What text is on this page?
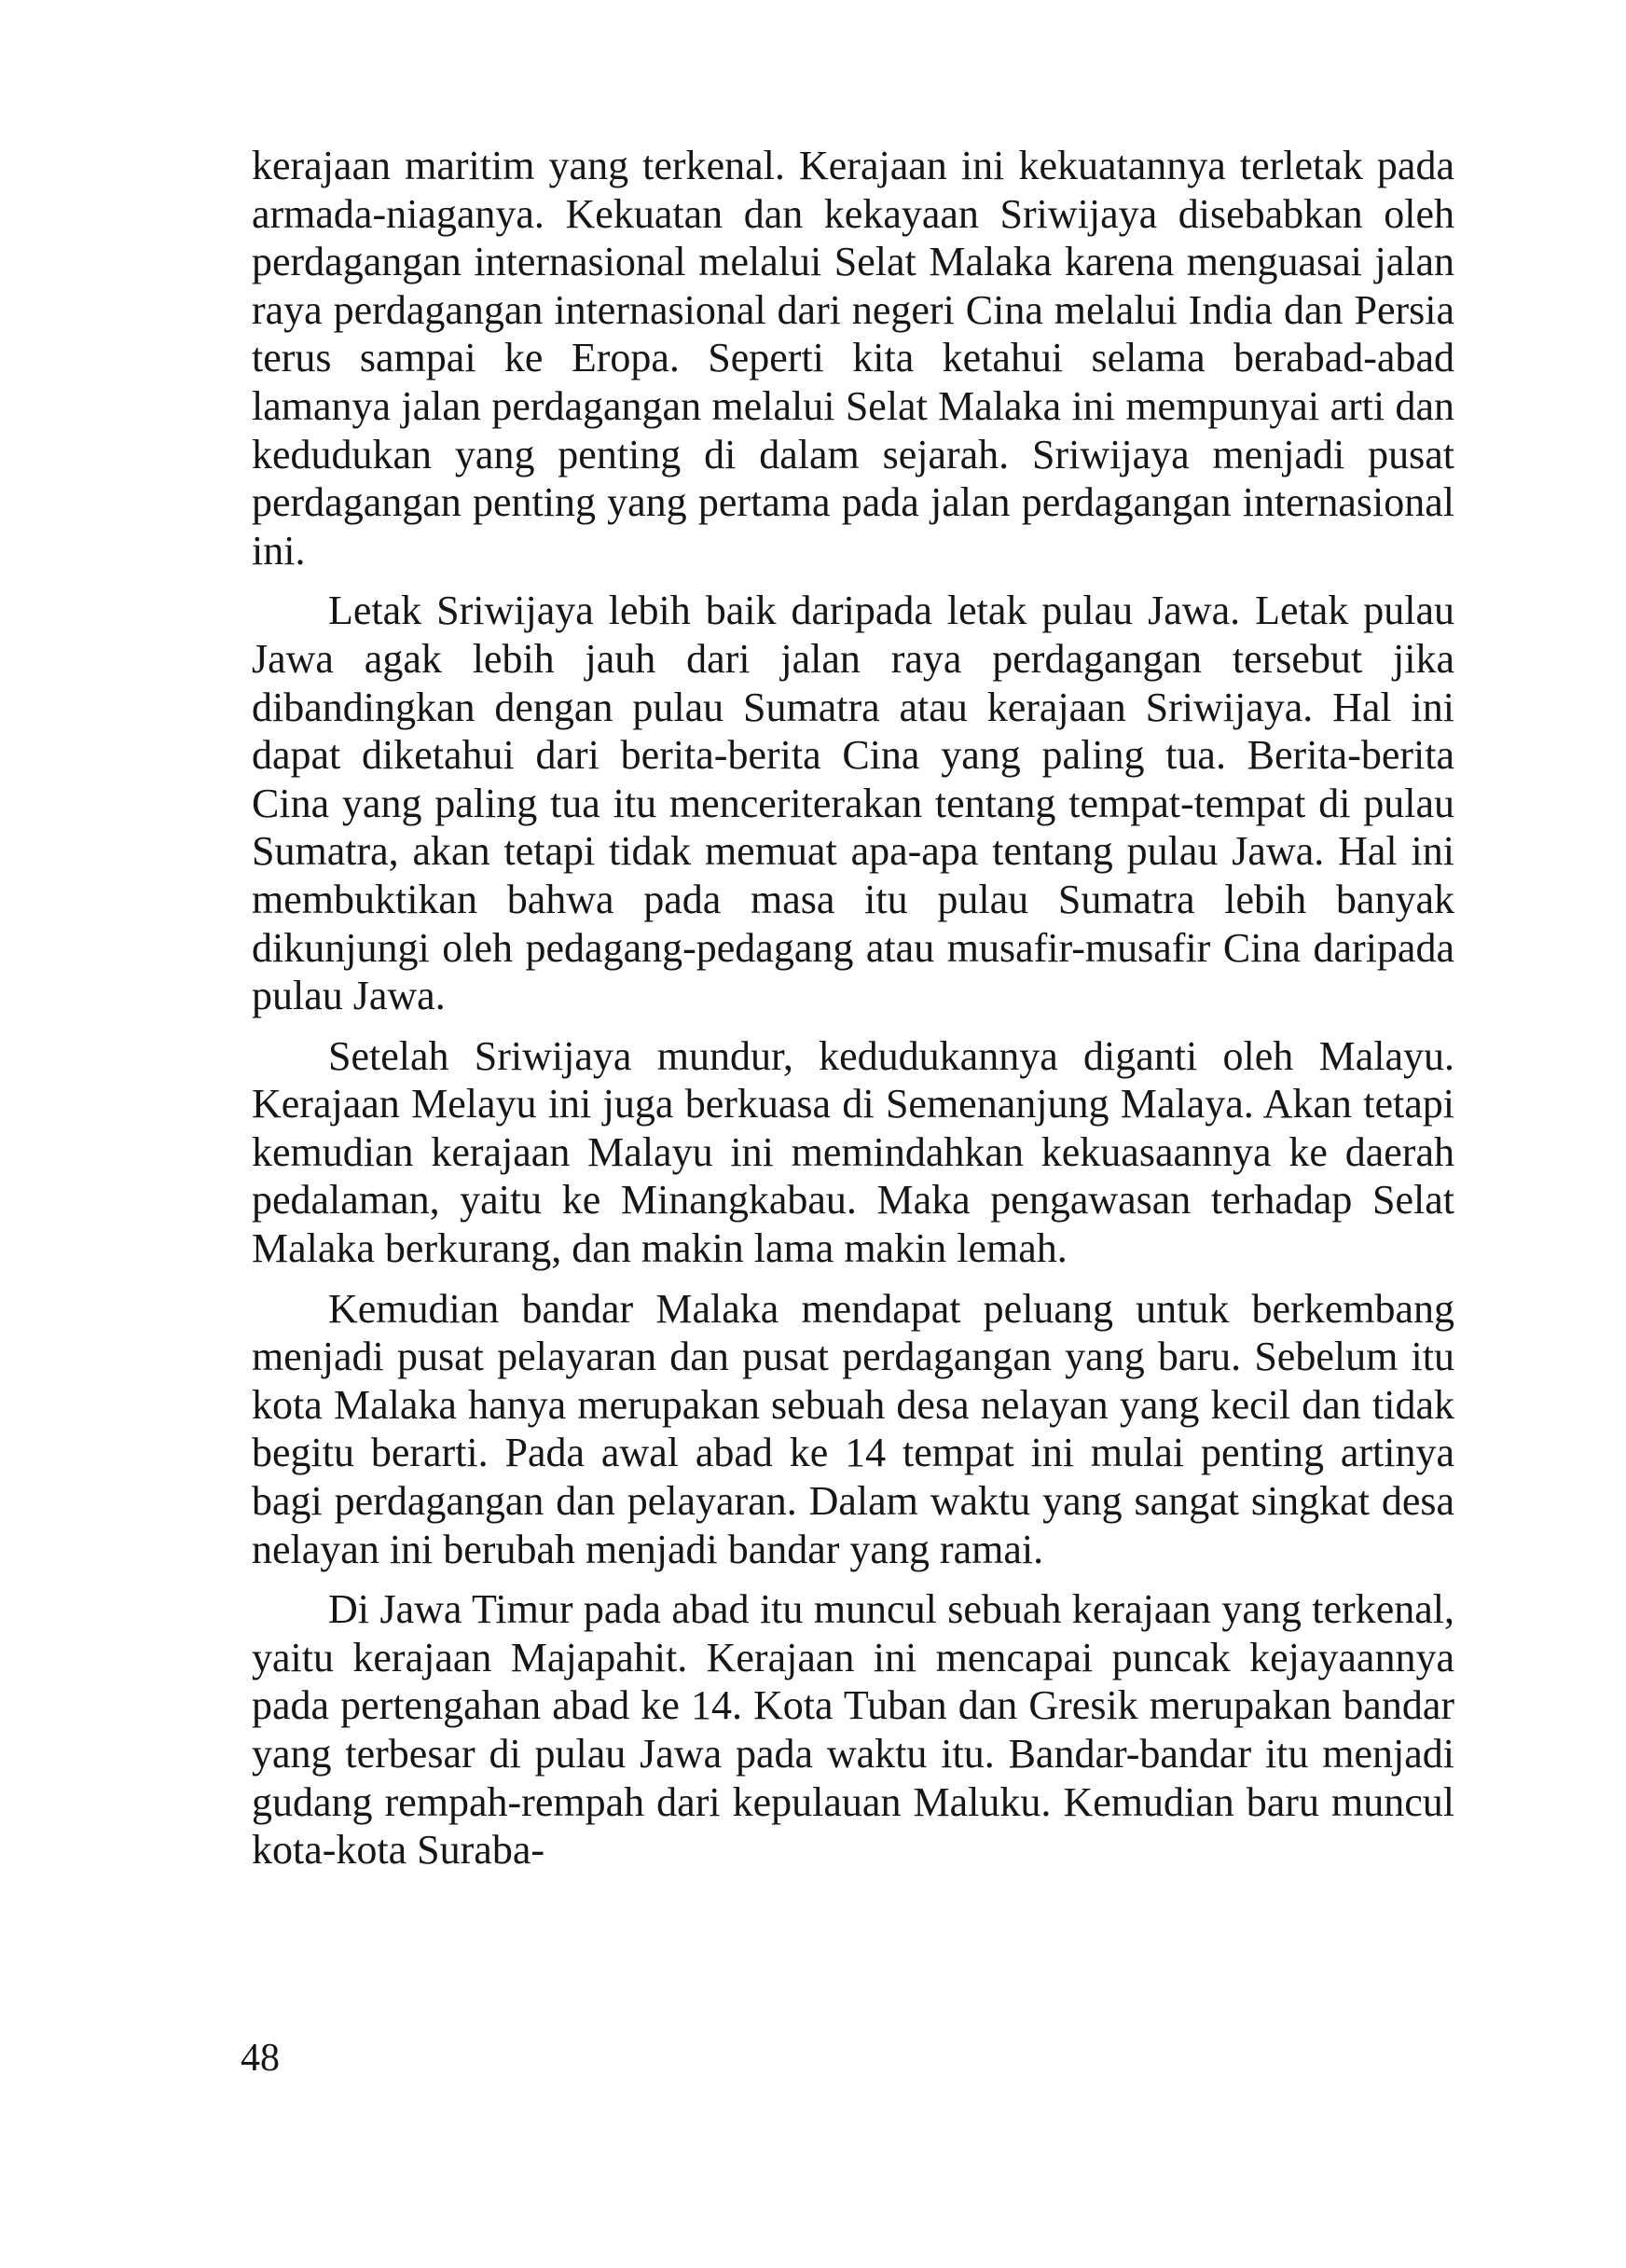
kerajaan maritim yang terkenal. Kerajaan ini kekuatannya terletak pada armada-niaganya. Kekuatan dan kekayaan Sriwijaya disebabkan oleh perdagangan internasional melalui Selat Malaka karena menguasai jalan raya perdagangan internasional dari negeri Cina melalui India dan Persia terus sampai ke Eropa. Seperti kita ketahui selama berabad-abad lamanya jalan perdagangan melalui Selat Malaka ini mempunyai arti dan kedudukan yang penting di dalam sejarah. Sriwijaya menjadi pusat perdagangan penting yang pertama pada jalan perdagangan internasional ini.

Letak Sriwijaya lebih baik daripada letak pulau Jawa. Letak pulau Jawa agak lebih jauh dari jalan raya perdagangan tersebut jika dibandingkan dengan pulau Sumatra atau kerajaan Sriwijaya. Hal ini dapat diketahui dari berita-berita Cina yang paling tua. Berita-berita Cina yang paling tua itu menceriterakan tentang tempat-tempat di pulau Sumatra, akan tetapi tidak memuat apa-apa tentang pulau Jawa. Hal ini membuktikan bahwa pada masa itu pulau Sumatra lebih banyak dikunjungi oleh pedagang-pedagang atau musafir-musafir Cina daripada pulau Jawa.

Setelah Sriwijaya mundur, kedudukannya diganti oleh Malayu. Kerajaan Melayu ini juga berkuasa di Semenanjung Malaya. Akan tetapi kemudian kerajaan Malayu ini memindahkan kekuasaannya ke daerah pedalaman, yaitu ke Minangkabau. Maka pengawasan terhadap Selat Malaka berkurang, dan makin lama makin lemah.

Kemudian bandar Malaka mendapat peluang untuk berkembang menjadi pusat pelayaran dan pusat perdagangan yang baru. Sebelum itu kota Malaka hanya merupakan sebuah desa nelayan yang kecil dan tidak begitu berarti. Pada awal abad ke 14 tempat ini mulai penting artinya bagi perdagangan dan pelayaran. Dalam waktu yang sangat singkat desa nelayan ini berubah menjadi bandar yang ramai.

Di Jawa Timur pada abad itu muncul sebuah kerajaan yang terkenal, yaitu kerajaan Majapahit. Kerajaan ini mencapai puncak kejayaannya pada pertengahan abad ke 14. Kota Tuban dan Gresik merupakan bandar yang terbesar di pulau Jawa pada waktu itu. Bandar-bandar itu menjadi gudang rempah-rempah dari kepulauan Maluku. Kemudian baru muncul kota-kota Suraba-

48
